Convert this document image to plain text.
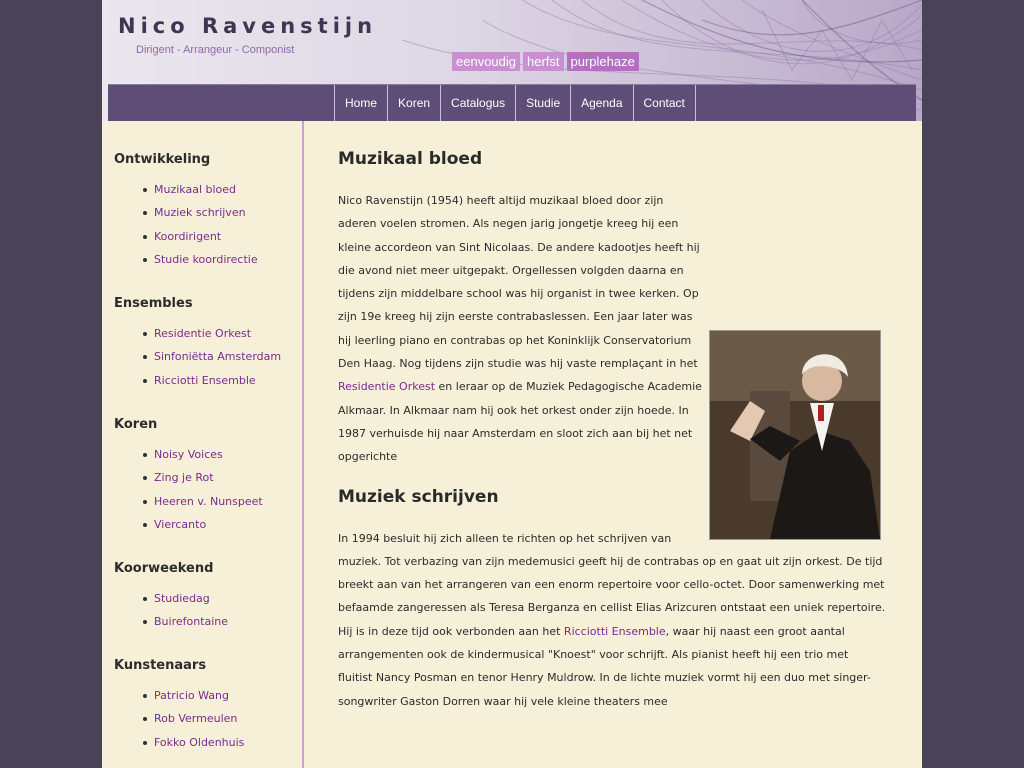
Nico Ravenstijn
Dirigent - Arrangeur - Componist
eenvoudig herfst purplehaze
Home	Koren	Catalogus	Studie	Agenda	Contact
Ontwikkeling
Muzikaal bloed
Muziek schrijven
Koordirigent
Studie koordirectie
Ensembles
Residentie Orkest
Sinfoniëtta Amsterdam
Ricciotti Ensemble
Koren
Noisy Voices
Zing je Rot
Heeren v. Nunspeet
Viercanto
Koorweekend
Studiedag
Buirefontaine
Kunstenaars
Patricio Wang
Rob Vermeulen
Fokko Oldenhuis
Muzikaal bloed

Nico Ravenstijn (1954) heeft altijd muzikaal bloed door zijn aderen voelen stromen. Als negen jarig jongetje kreeg hij een kleine accordeon van Sint Nicolaas. De andere kadootjes heeft hij die avond niet meer uitgepakt. Orgellessen volgden daarna en tijdens zijn middelbare school was hij organist in twee kerken. Op zijn 19e kreeg hij zijn eerste contrabaslessen. Een jaar later was hij leerling piano en contrabas op het Koninklijk Conservatorium Den Haag. Nog tijdens zijn studie was hij vaste remplaçant in het Residentie Orkest en leraar op de Muziek Pedagogische Academie Alkmaar. In Alkmaar nam hij ook het orkest onder zijn hoede. In 1987 verhuisde hij naar Amsterdam en sloot zich aan bij het net opgerichte

Muziek schrijven

In 1994 besluit hij zich alleen te richten op het schrijven van muziek. Tot verbazing van zijn medemusici geeft hij de contrabas op en gaat uit zijn orkest. De tijd breekt aan van het arrangeren van een enorm repertoire voor cello-octet. Door samenwerking met befaamde zangeressen als Teresa Berganza en cellist Elias Arizcuren ontstaat een uniek repertoire. Hij is in deze tijd ook verbonden aan het Ricciotti Ensemble, waar hij naast een groot aantal arrangementen ook de kindermusical "Knoest" voor schrijft. Als pianist heeft hij een trio met fluitist Nancy Posman en tenor Henry Muldrow. In de lichte muziek vormt hij een duo met singer-songwriter Gaston Dorren waar hij vele kleine theaters mee
